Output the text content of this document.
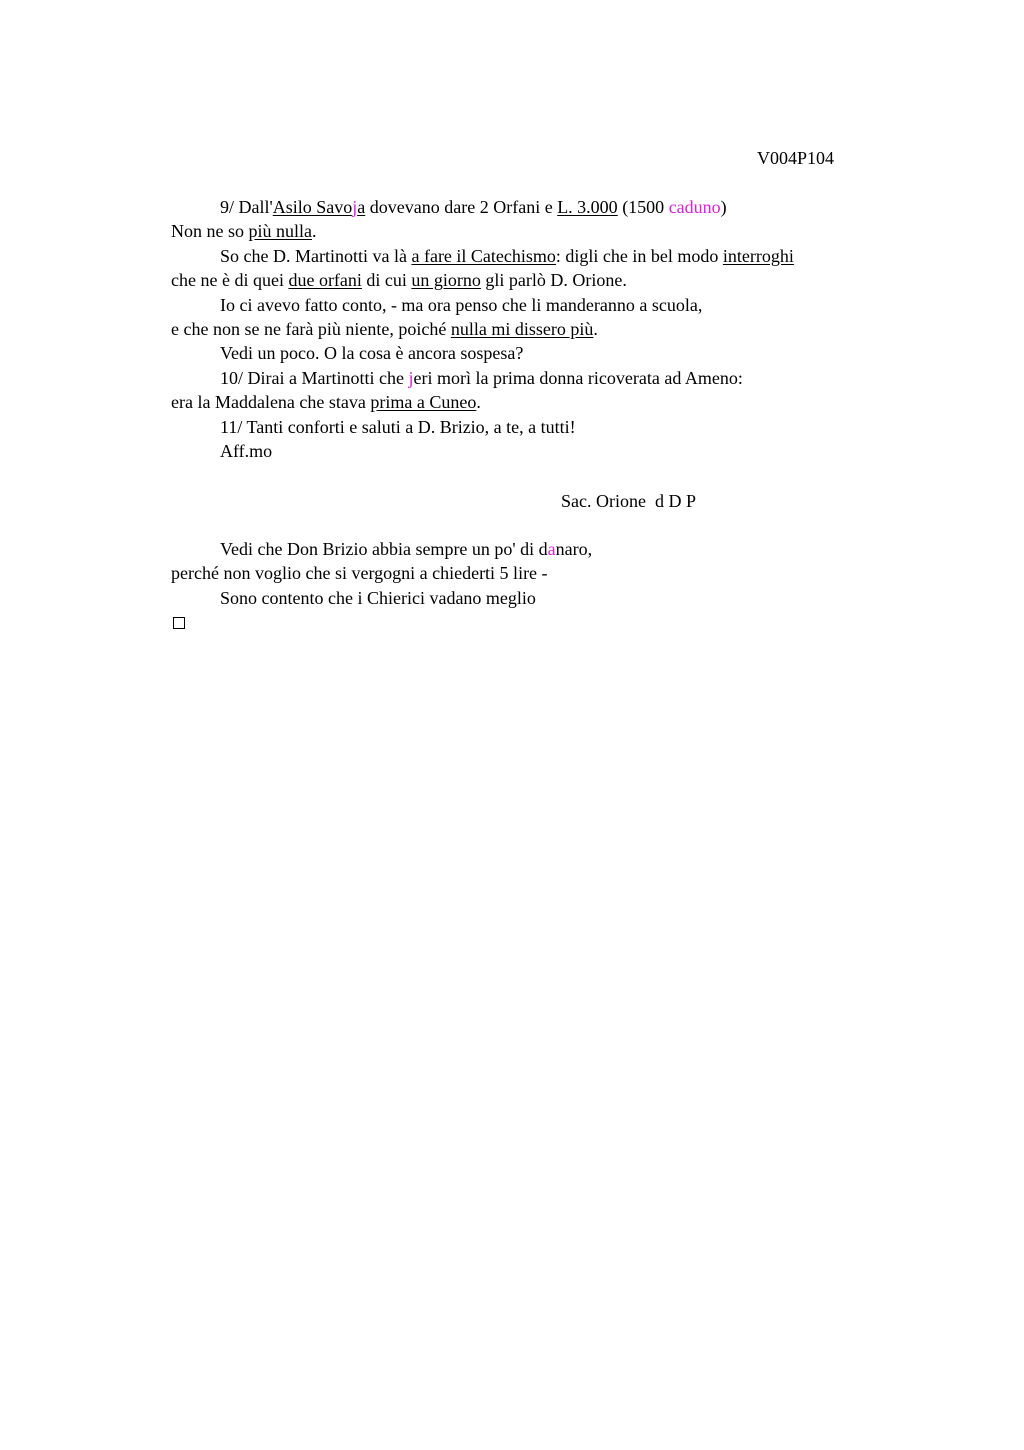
V004P104
9/ Dall'Asilo Savoja dovevano dare 2 Orfani e L. 3.000 (1500 caduno)
Non ne so più nulla.
So che D. Martinotti va là a fare il Catechismo: digli che in bel modo interroghi
che ne è di quei due orfani di cui un giorno gli parlò D. Orione.
Io ci avevo fatto conto, - ma ora penso che li manderanno a scuola,
e che non se ne farà più niente, poiché nulla mi dissero più.
Vedi un poco. O la cosa è ancora sospesa?
10/ Dirai a Martinotti che jeri morì la prima donna ricoverata ad Ameno:
era la Maddalena che stava prima a Cuneo.
11/ Tanti conforti e saluti a D. Brizio, a te, a tutti!
Aff.mo
Sac. Orione  d D P
Vedi che Don Brizio abbia sempre un po' di danaro,
perché non voglio che si vergogni a chiederti 5 lire -
Sono contento che i Chierici vadano meglio
